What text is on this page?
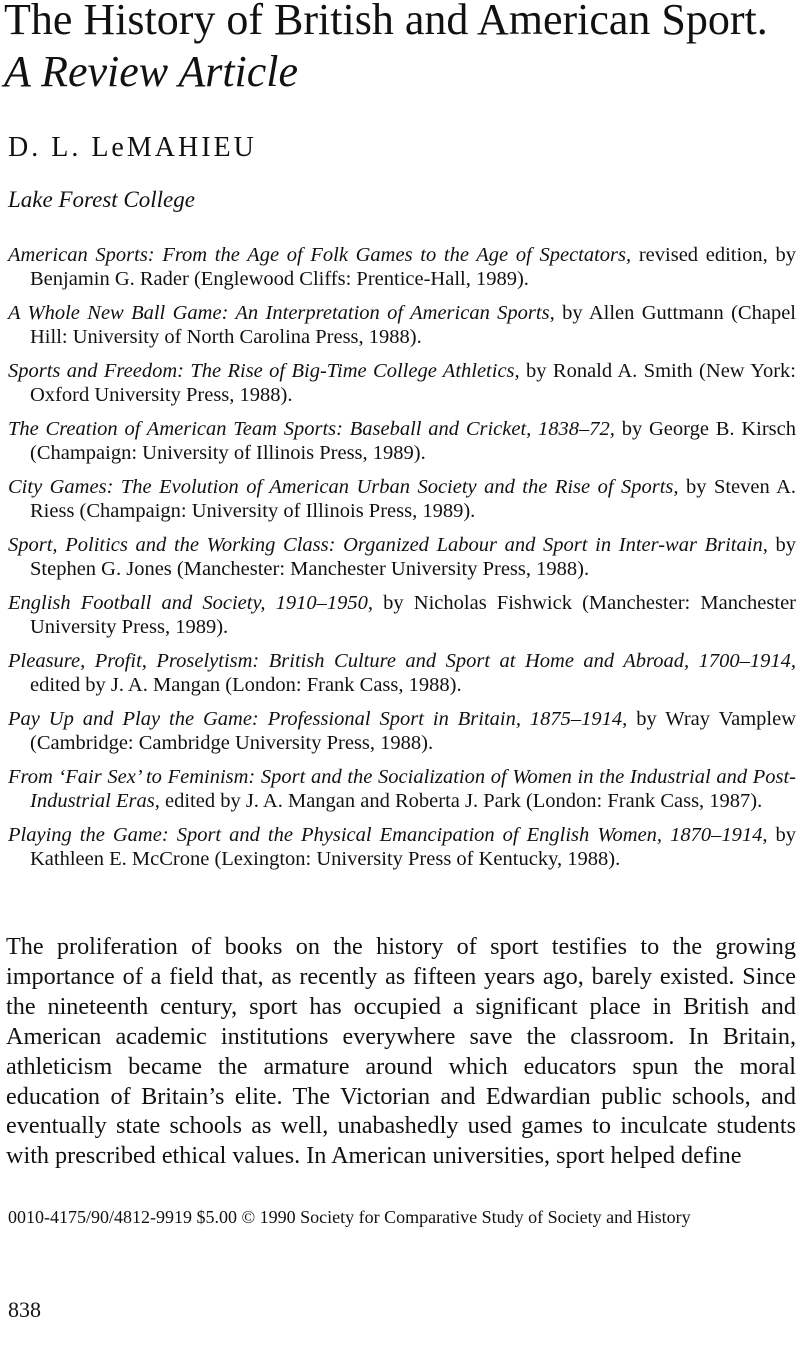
The History of British and American Sport.
A Review Article
D. L. LeMAHIEU
Lake Forest College
American Sports: From the Age of Folk Games to the Age of Spectators, revised edition, by Benjamin G. Rader (Englewood Cliffs: Prentice-Hall, 1989).
A Whole New Ball Game: An Interpretation of American Sports, by Allen Guttmann (Chapel Hill: University of North Carolina Press, 1988).
Sports and Freedom: The Rise of Big-Time College Athletics, by Ronald A. Smith (New York: Oxford University Press, 1988).
The Creation of American Team Sports: Baseball and Cricket, 1838–72, by George B. Kirsch (Champaign: University of Illinois Press, 1989).
City Games: The Evolution of American Urban Society and the Rise of Sports, by Steven A. Riess (Champaign: University of Illinois Press, 1989).
Sport, Politics and the Working Class: Organized Labour and Sport in Inter-war Britain, by Stephen G. Jones (Manchester: Manchester University Press, 1988).
English Football and Society, 1910–1950, by Nicholas Fishwick (Manchester: Manchester University Press, 1989).
Pleasure, Profit, Proselytism: British Culture and Sport at Home and Abroad, 1700–1914, edited by J. A. Mangan (London: Frank Cass, 1988).
Pay Up and Play the Game: Professional Sport in Britain, 1875–1914, by Wray Vamplew (Cambridge: Cambridge University Press, 1988).
From ‘Fair Sex’ to Feminism: Sport and the Socialization of Women in the Industrial and Post-Industrial Eras, edited by J. A. Mangan and Roberta J. Park (London: Frank Cass, 1987).
Playing the Game: Sport and the Physical Emancipation of English Women, 1870–1914, by Kathleen E. McCrone (Lexington: University Press of Kentucky, 1988).

The proliferation of books on the history of sport testifies to the growing importance of a field that, as recently as fifteen years ago, barely existed. Since the nineteenth century, sport has occupied a significant place in British and American academic institutions everywhere save the classroom. In Britain, athleticism became the armature around which educators spun the moral education of Britain’s elite. The Victorian and Edwardian public schools, and eventually state schools as well, unabashedly used games to inculcate students with prescribed ethical values. In American universities, sport helped define

0010-4175/90/4812-9919 $5.00 © 1990 Society for Comparative Study of Society and History
838
